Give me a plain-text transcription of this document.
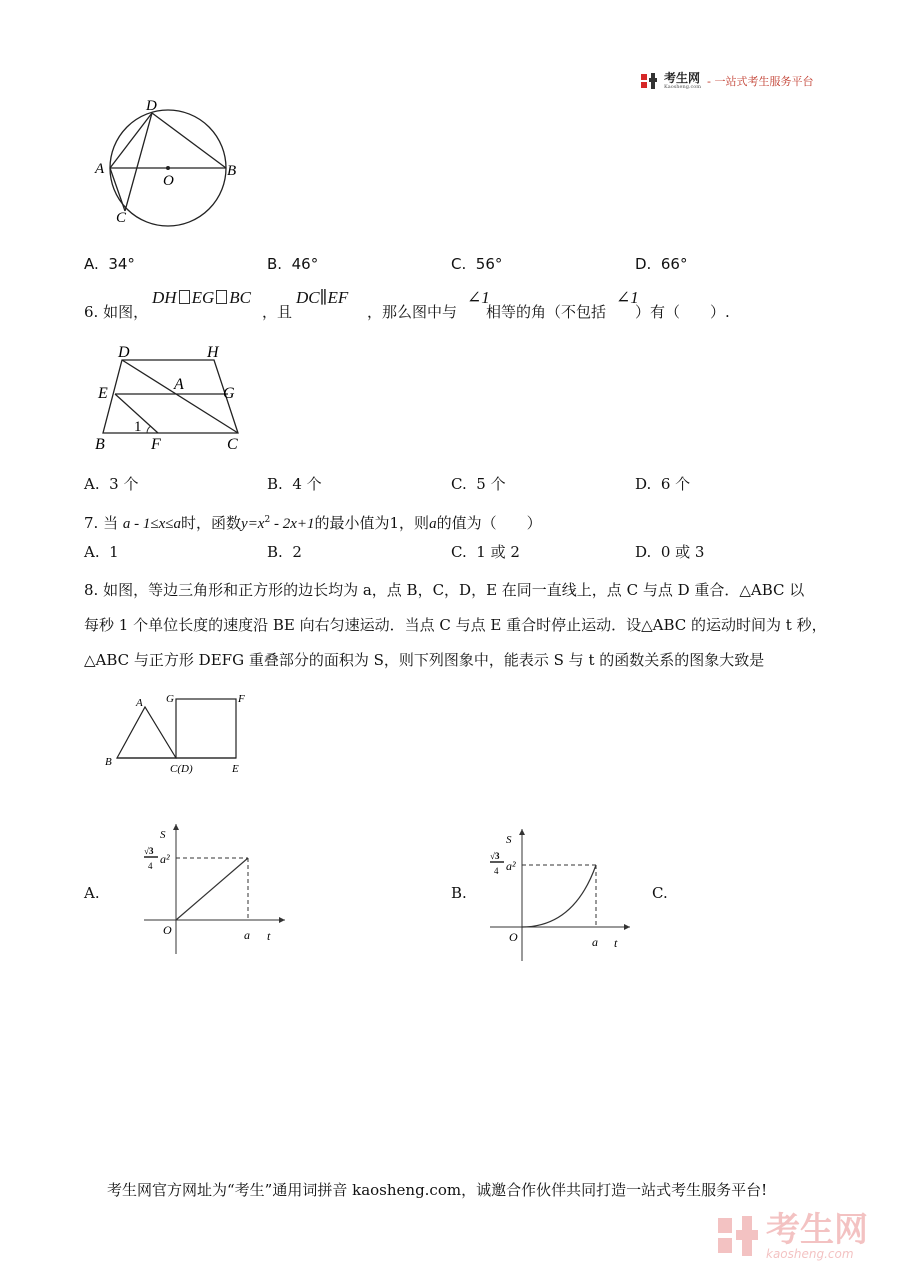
考生网
Kaosheng.com - 一站式考生服务平台
D
A
O
B
C
A. 34°	B. 46°	C. 56°	D. 66°
6. 如图，
DH EG BC
，且
DC∥EF
，那么图中与
∠1
相等的角（不包括
∠1
）有（　　）.
D	H
E
A
G
B
1
F	C
A. 3 个	B. 4 个	C. 5 个	D. 6 个
7. 当 a - 1≤x≤a时，函数$y=x^2 - 2x+1$的最小值为1，则a的值为（　　）
A. 1	B. 2	C. 1 或 2	D. 0 或 3
8. 如图，等边三角形和正方形的边长均为 a，点 B，C，D，E 在同一直线上，点 C 与点 D 重合．△ABC 以
每秒 1 个单位长度的速度沿 BE 向右匀速运动．当点 C 与点 E 重合时停止运动．设△ABC 的运动时间为 t 秒，
△ABC 与正方形 DEFG 重叠部分的面积为 S，则下列图象中，能表示 S 与 t 的函数关系的图象大致是
A G	F
B
C(D)	E
A.
S
√3
4 a²
O	a t
B.
S
√3
4 a²
O	a t
C.
考生网官方网址为“考生”通用词拼音 kaosheng.com，诚邀合作伙伴共同打造一站式考生服务平台!
考生网
kaosheng.com
